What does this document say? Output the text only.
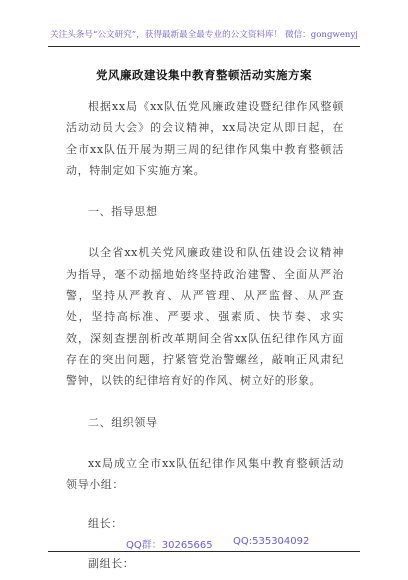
关注头条号“公文研究”，获得最新最全最专业的公文资料库！ 微信：gongwenyj
党风廉政建设集中教育整顿活动实施方案

根据xx局《xx队伍党风廉政建设暨纪律作风整顿活动动员大会》的会议精神，xx局决定从即日起，在全市xx队伍开展为期三周的纪律作风集中教育整顿活动，特制定如下实施方案。

一、指导思想

以全省xx机关党风廉政建设和队伍建设会议精神为指导，毫不动摇地始终坚持政治建警、全面从严治警，坚持从严教育、从严管理、从严监督、从严查处，坚持高标准、严要求、强素质、快节奏、求实效，深刻查摆剖析改革期间全省xx队伍纪律作风方面存在的突出问题，拧紧管党治警螺丝，敲响正风肃纪警钟，以铁的纪律培育好的作风、树立好的形象。

二、组织领导

xx局成立全市xx队伍纪律作风集中教育整顿活动领导小组：

组长：

副组长：

QQ群：30265665 QQ:535304092
